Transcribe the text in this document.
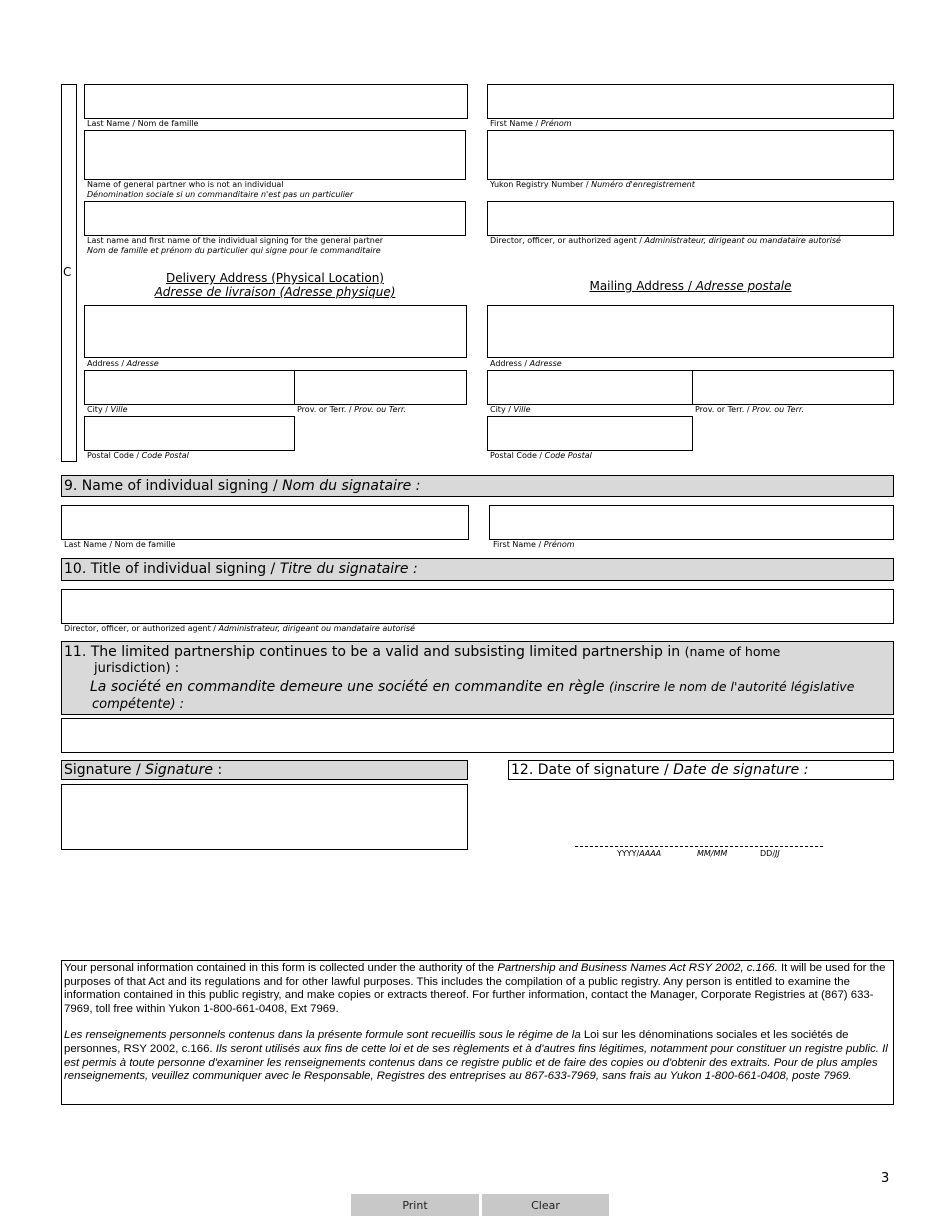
C
Last Name / Nom de famille	First Name / Prénom
Name of general partner who is not an individual
Dénomination sociale si un commanditaire n'est pas un particulier
Yukon Registry Number / Numéro d'enregistrement
Last name and first name of the individual signing for the general partner
Nom de famille et prénom du particulier qui signe pour le commanditaire
Director, officer, or authorized agent / Administrateur, dirigeant ou mandataire autorisé
Delivery Address (Physical Location)
Adresse de livraison (Adresse physique)	Mailing Address / Adresse postale
Address / Adresse	Address / Adresse
City / Ville	Prov. or Terr. / Prov. ou Terr.	City / Ville	Prov. or Terr. / Prov. ou Terr.
Postal Code / Code Postal	Postal Code / Code Postal
9. Name of individual signing / Nom du signataire :
Last Name / Nom de famille	First Name / Prénom
10. Title of individual signing / Titre du signataire :
Director, officer, or authorized agent / Administrateur, dirigeant ou mandataire autorisé
11. The limited partnership continues to be a valid and subsisting limited partnership in (name of home
jurisdiction) :
La société en commandite demeure une société en commandite en règle (inscrire le nom de l'autorité législative
compétente) :
Signature / Signature :	12. Date of signature / Date de signature :
YYYY/AAAA	MM/MM	DD/JJ

Your personal information contained in this form is collected under the authority of the Partnership and Business Names Act RSY 2002, c.166. It will be used for the purposes of that Act and its regulations and for other lawful purposes. This includes the compilation of a public registry. Any person is entitled to examine the information contained in this public registry, and make copies or extracts thereof. For further information, contact the Manager, Corporate Registries at (867) 633-7969, toll free within Yukon 1-800-661-0408, Ext 7969.

Les renseignements personnels contenus dans la présente formule sont recueillis sous le régime de la Loi sur les dénominations sociales et les sociétés de personnes, RSY 2002, c.166. Ils seront utilisés aux fins de cette loi et de ses règlements et à d'autres fins légitimes, notamment pour constituer un registre public. Il est permis à toute personne d'examiner les renseignements contenus dans ce registre public et de faire des copies ou d'obtenir des extraits. Pour de plus amples renseignements, veuillez communiquer avec le Responsable, Registres des entreprises au 867-633-7969, sans frais au Yukon 1-800-661-0408, poste 7969.

3
Print	Clear
